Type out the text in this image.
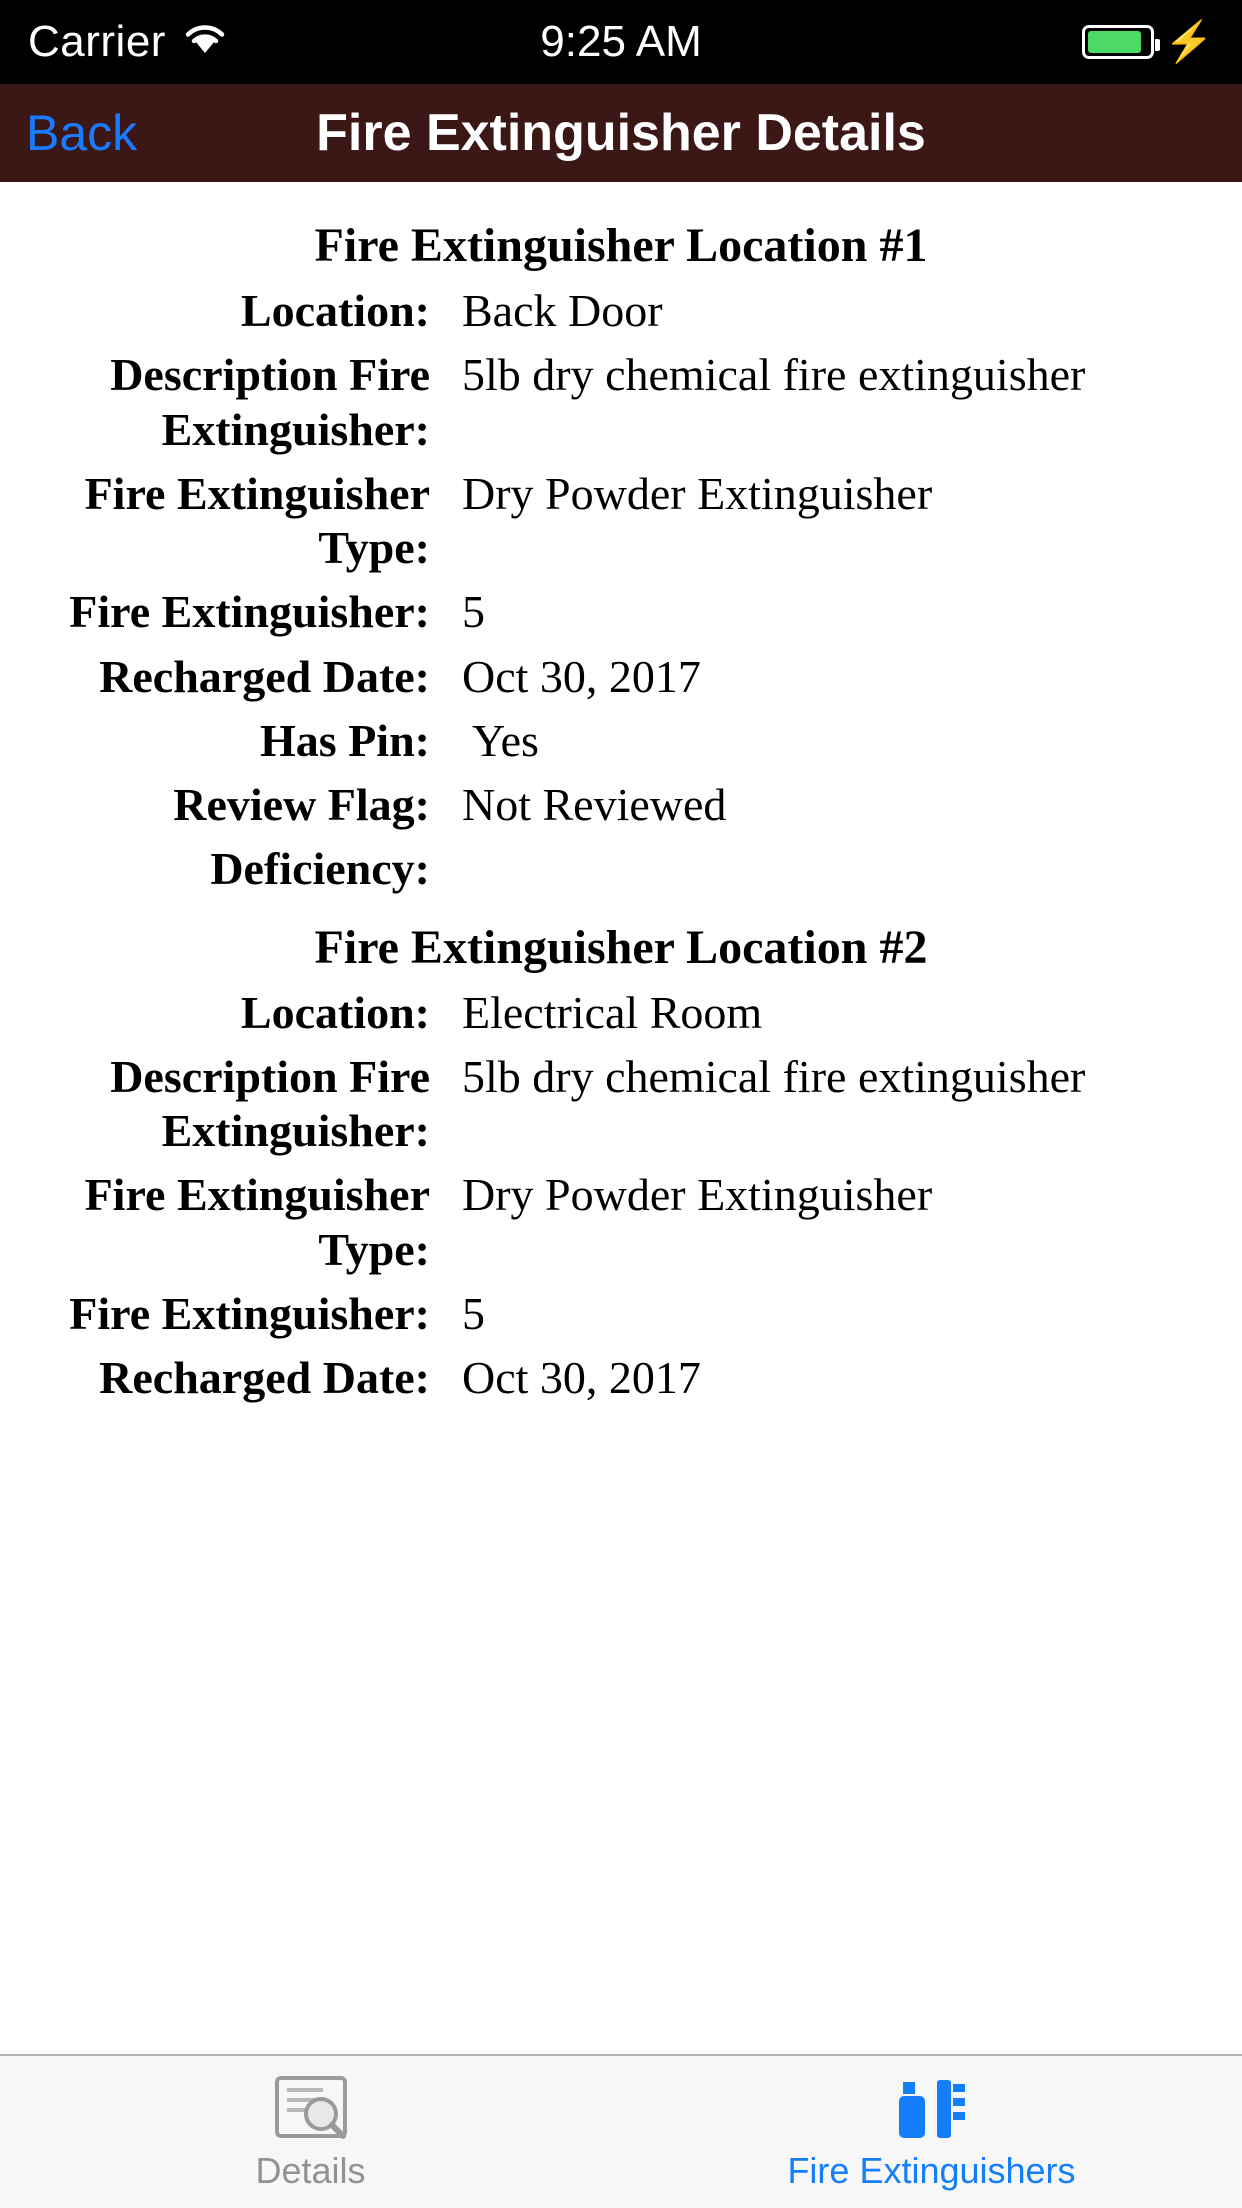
Carrier	9:25 AM	⚡
Back	Fire Extinguisher Details
Fire Extinguisher Location #1
Location: Back Door
Description Fire Extinguisher:
5lb dry chemical fire extinguisher
Fire Extinguisher Type:
Dry Powder Extinguisher
Fire Extinguisher: 5
Recharged Date: Oct 30, 2017
Has Pin: Yes
Review Flag: Not Reviewed
Deficiency:
Fire Extinguisher Location #2
Location: Electrical Room
Description Fire Extinguisher:
5lb dry chemical fire extinguisher
Fire Extinguisher Type:
Dry Powder Extinguisher
Fire Extinguisher: 5
Recharged Date: Oct 30, 2017
Details	Fire Extinguishers
